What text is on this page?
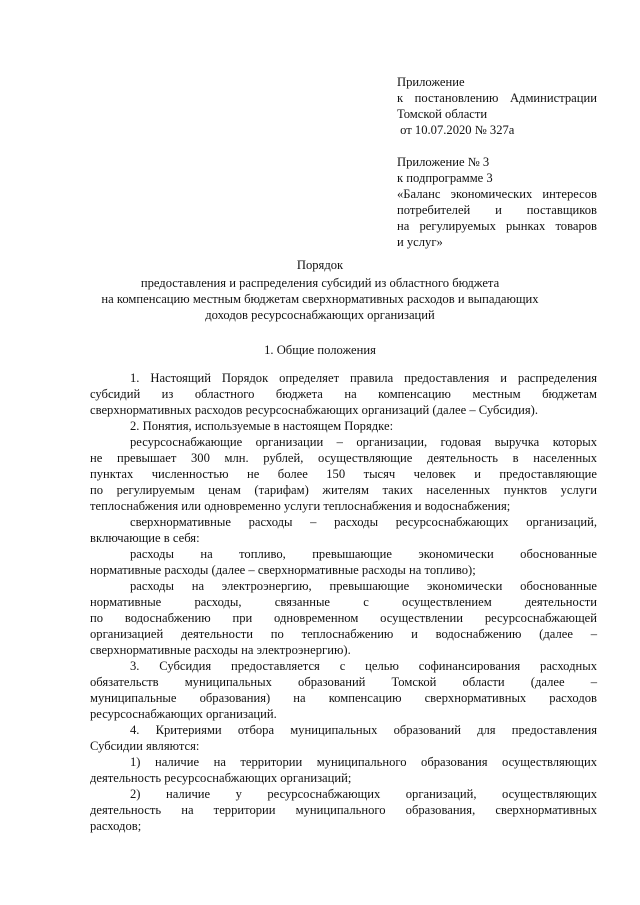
Приложение
к постановлению Администрации
Томской области
от 10.07.2020 № 327а
Приложение № 3
к подпрограмме 3
«Баланс экономических интересов
потребителей и поставщиков
на регулируемых рынках товаров
и услуг»
Порядок
предоставления и распределения субсидий из областного бюджета
на компенсацию местным бюджетам сверхнормативных расходов и выпадающих
доходов ресурсоснабжающих организаций
1. Общие положения
1. Настоящий Порядок определяет правила предоставления и распределения
субсидий из областного бюджета на компенсацию местным бюджетам
сверхнормативных расходов ресурсоснабжающих организаций (далее – Субсидия).
2. Понятия, используемые в настоящем Порядке:
ресурсоснабжающие организации – организации, годовая выручка которых
не превышает 300 млн. рублей, осуществляющие деятельность в населенных
пунктах численностью не более 150 тысяч человек и предоставляющие
по регулируемым ценам (тарифам) жителям таких населенных пунктов услуги
теплоснабжения или одновременно услуги теплоснабжения и водоснабжения;
сверхнормативные расходы – расходы ресурсоснабжающих организаций,
включающие в себя:
расходы на топливо, превышающие экономически обоснованные
нормативные расходы (далее – сверхнормативные расходы на топливо);
расходы на электроэнергию, превышающие экономически обоснованные
нормативные расходы, связанные с осуществлением деятельности
по водоснабжению при одновременном осуществлении ресурсоснабжающей
организацией деятельности по теплоснабжению и водоснабжению (далее –
сверхнормативные расходы на электроэнергию).
3. Субсидия предоставляется с целью софинансирования расходных
обязательств муниципальных образований Томской области (далее –
муниципальные образования) на компенсацию сверхнормативных расходов
ресурсоснабжающих организаций.
4. Критериями отбора муниципальных образований для предоставления
Субсидии являются:
1) наличие на территории муниципального образования осуществляющих
деятельность ресурсоснабжающих организаций;
2) наличие у ресурсоснабжающих организаций, осуществляющих
деятельность на территории муниципального образования, сверхнормативных
расходов;
